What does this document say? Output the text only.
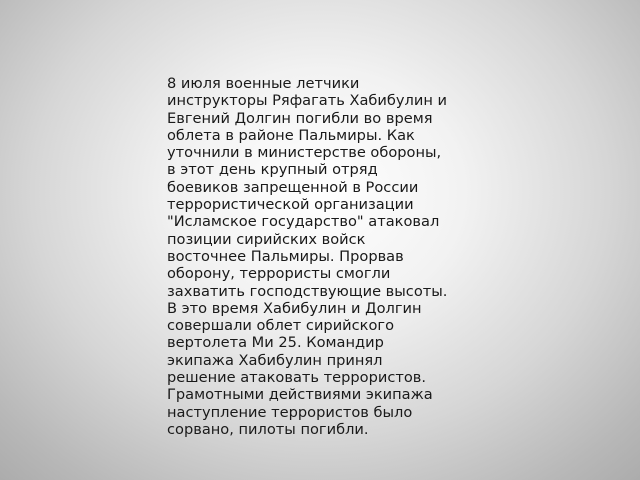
8 июля военные летчики
инструкторы Ряфагать Хабибулин и
Евгений Долгин погибли во время
облета в районе Пальмиры. Как
уточнили в министерстве обороны,
в этот день крупный отряд
боевиков запрещенной в России
террористической организации
"Исламское государство" атаковал
позиции сирийских войск
восточнее Пальмиры. Прорвав
оборону, террористы смогли
захватить господствующие высоты.
В это время Хабибулин и Долгин
совершали облет сирийского
вертолета Ми 25. Командир
экипажа Хабибулин принял
решение атаковать террористов.
Грамотными действиями экипажа
наступление террористов было
сорвано, пилоты погибли.
